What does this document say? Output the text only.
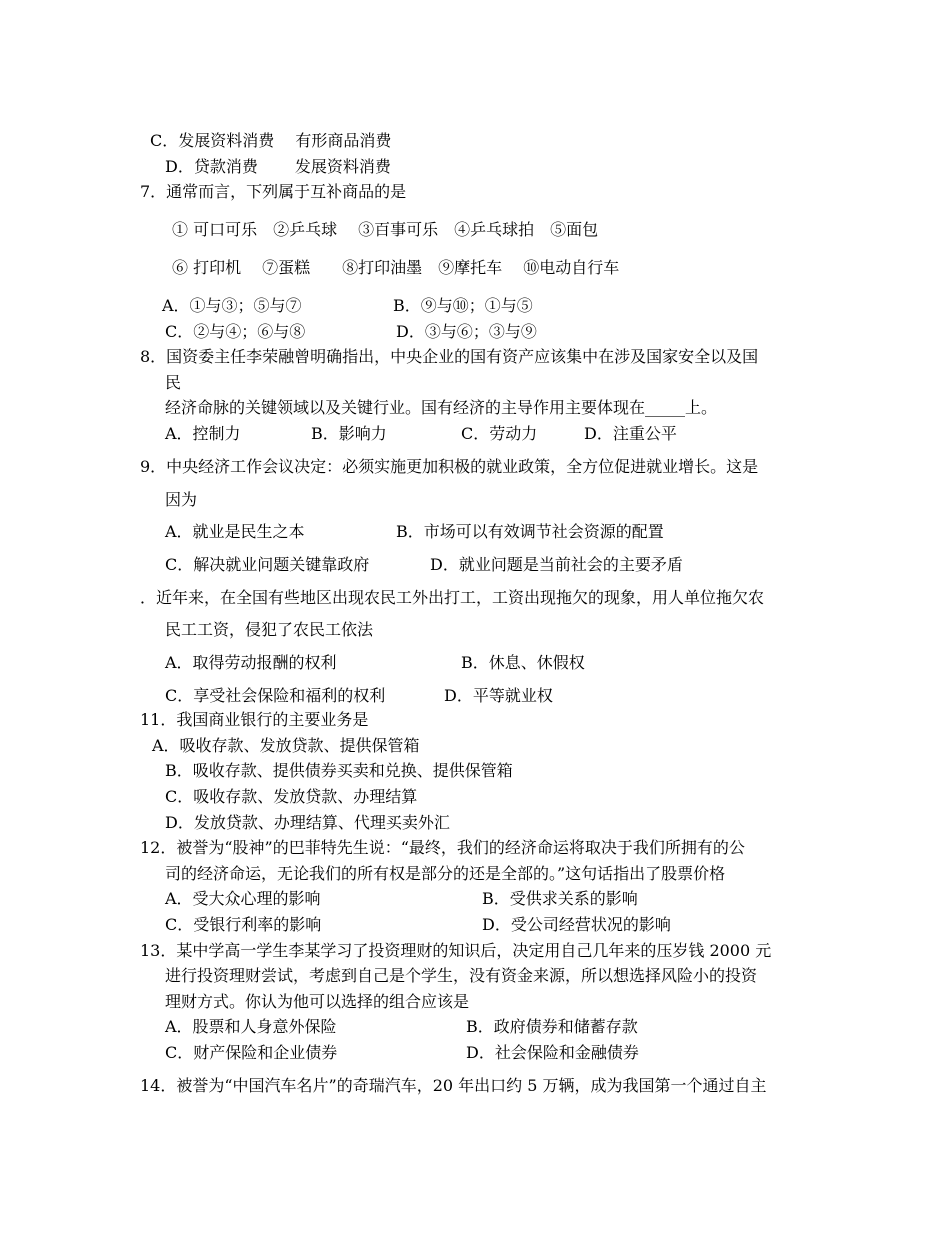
C．发展资料消费　 有形商品消费
D．贷款消费　　 发展资料消费
7．通常而言，下列属于互补商品的是
① 可口可乐　②乒乓球　 ③百事可乐　④乒乓球拍　⑤面包
⑥ 打印机　 ⑦蛋糕　　⑧打印油墨　⑨摩托车　 ⑩电动自行车
A．①与③；⑤与⑦	B．⑨与⑩；①与⑤
C．②与④；⑥与⑧	D．③与⑥；③与⑨
8．国资委主任李荣融曾明确指出，中央企业的国有资产应该集中在涉及国家安全以及国
民
经济命脉的关键领域以及关键行业。国有经济的主导作用主要体现在_____上。
A．控制力	B．影响力	C．劳动力	D．注重公平
9．中央经济工作会议决定：必须实施更加积极的就业政策，全方位促进就业增长。这是
因为
A．就业是民生之本	B．市场可以有效调节社会资源的配置
C．解决就业问题关键靠政府	D．就业问题是当前社会的主要矛盾
．近年来，在全国有些地区出现农民工外出打工，工资出现拖欠的现象，用人单位拖欠农
民工工资，侵犯了农民工依法
A．取得劳动报酬的权利	B．休息、休假权
C．享受社会保险和福利的权利	D．平等就业权
11．我国商业银行的主要业务是
A．吸收存款、发放贷款、提供保管箱
B．吸收存款、提供债券买卖和兑换、提供保管箱
C．吸收存款、发放贷款、办理结算
D．发放贷款、办理结算、代理买卖外汇
12．被誉为“股神”的巴菲特先生说：“最终，我们的经济命运将取决于我们所拥有的公
司的经济命运，无论我们的所有权是部分的还是全部的。”这句话指出了股票价格
A．受大众心理的影响	B．受供求关系的影响
C．受银行利率的影响	D．受公司经营状况的影响
13．某中学高一学生李某学习了投资理财的知识后，决定用自己几年来的压岁钱 2000 元
进行投资理财尝试，考虑到自己是个学生，没有资金来源，所以想选择风险小的投资
理财方式。你认为他可以选择的组合应该是
A．股票和人身意外保险	B．政府债券和储蓄存款
C．财产保险和企业债券	D．社会保险和金融债券
14．被誉为“中国汽车名片”的奇瑞汽车，20 年出口约 5 万辆，成为我国第一个通过自主
